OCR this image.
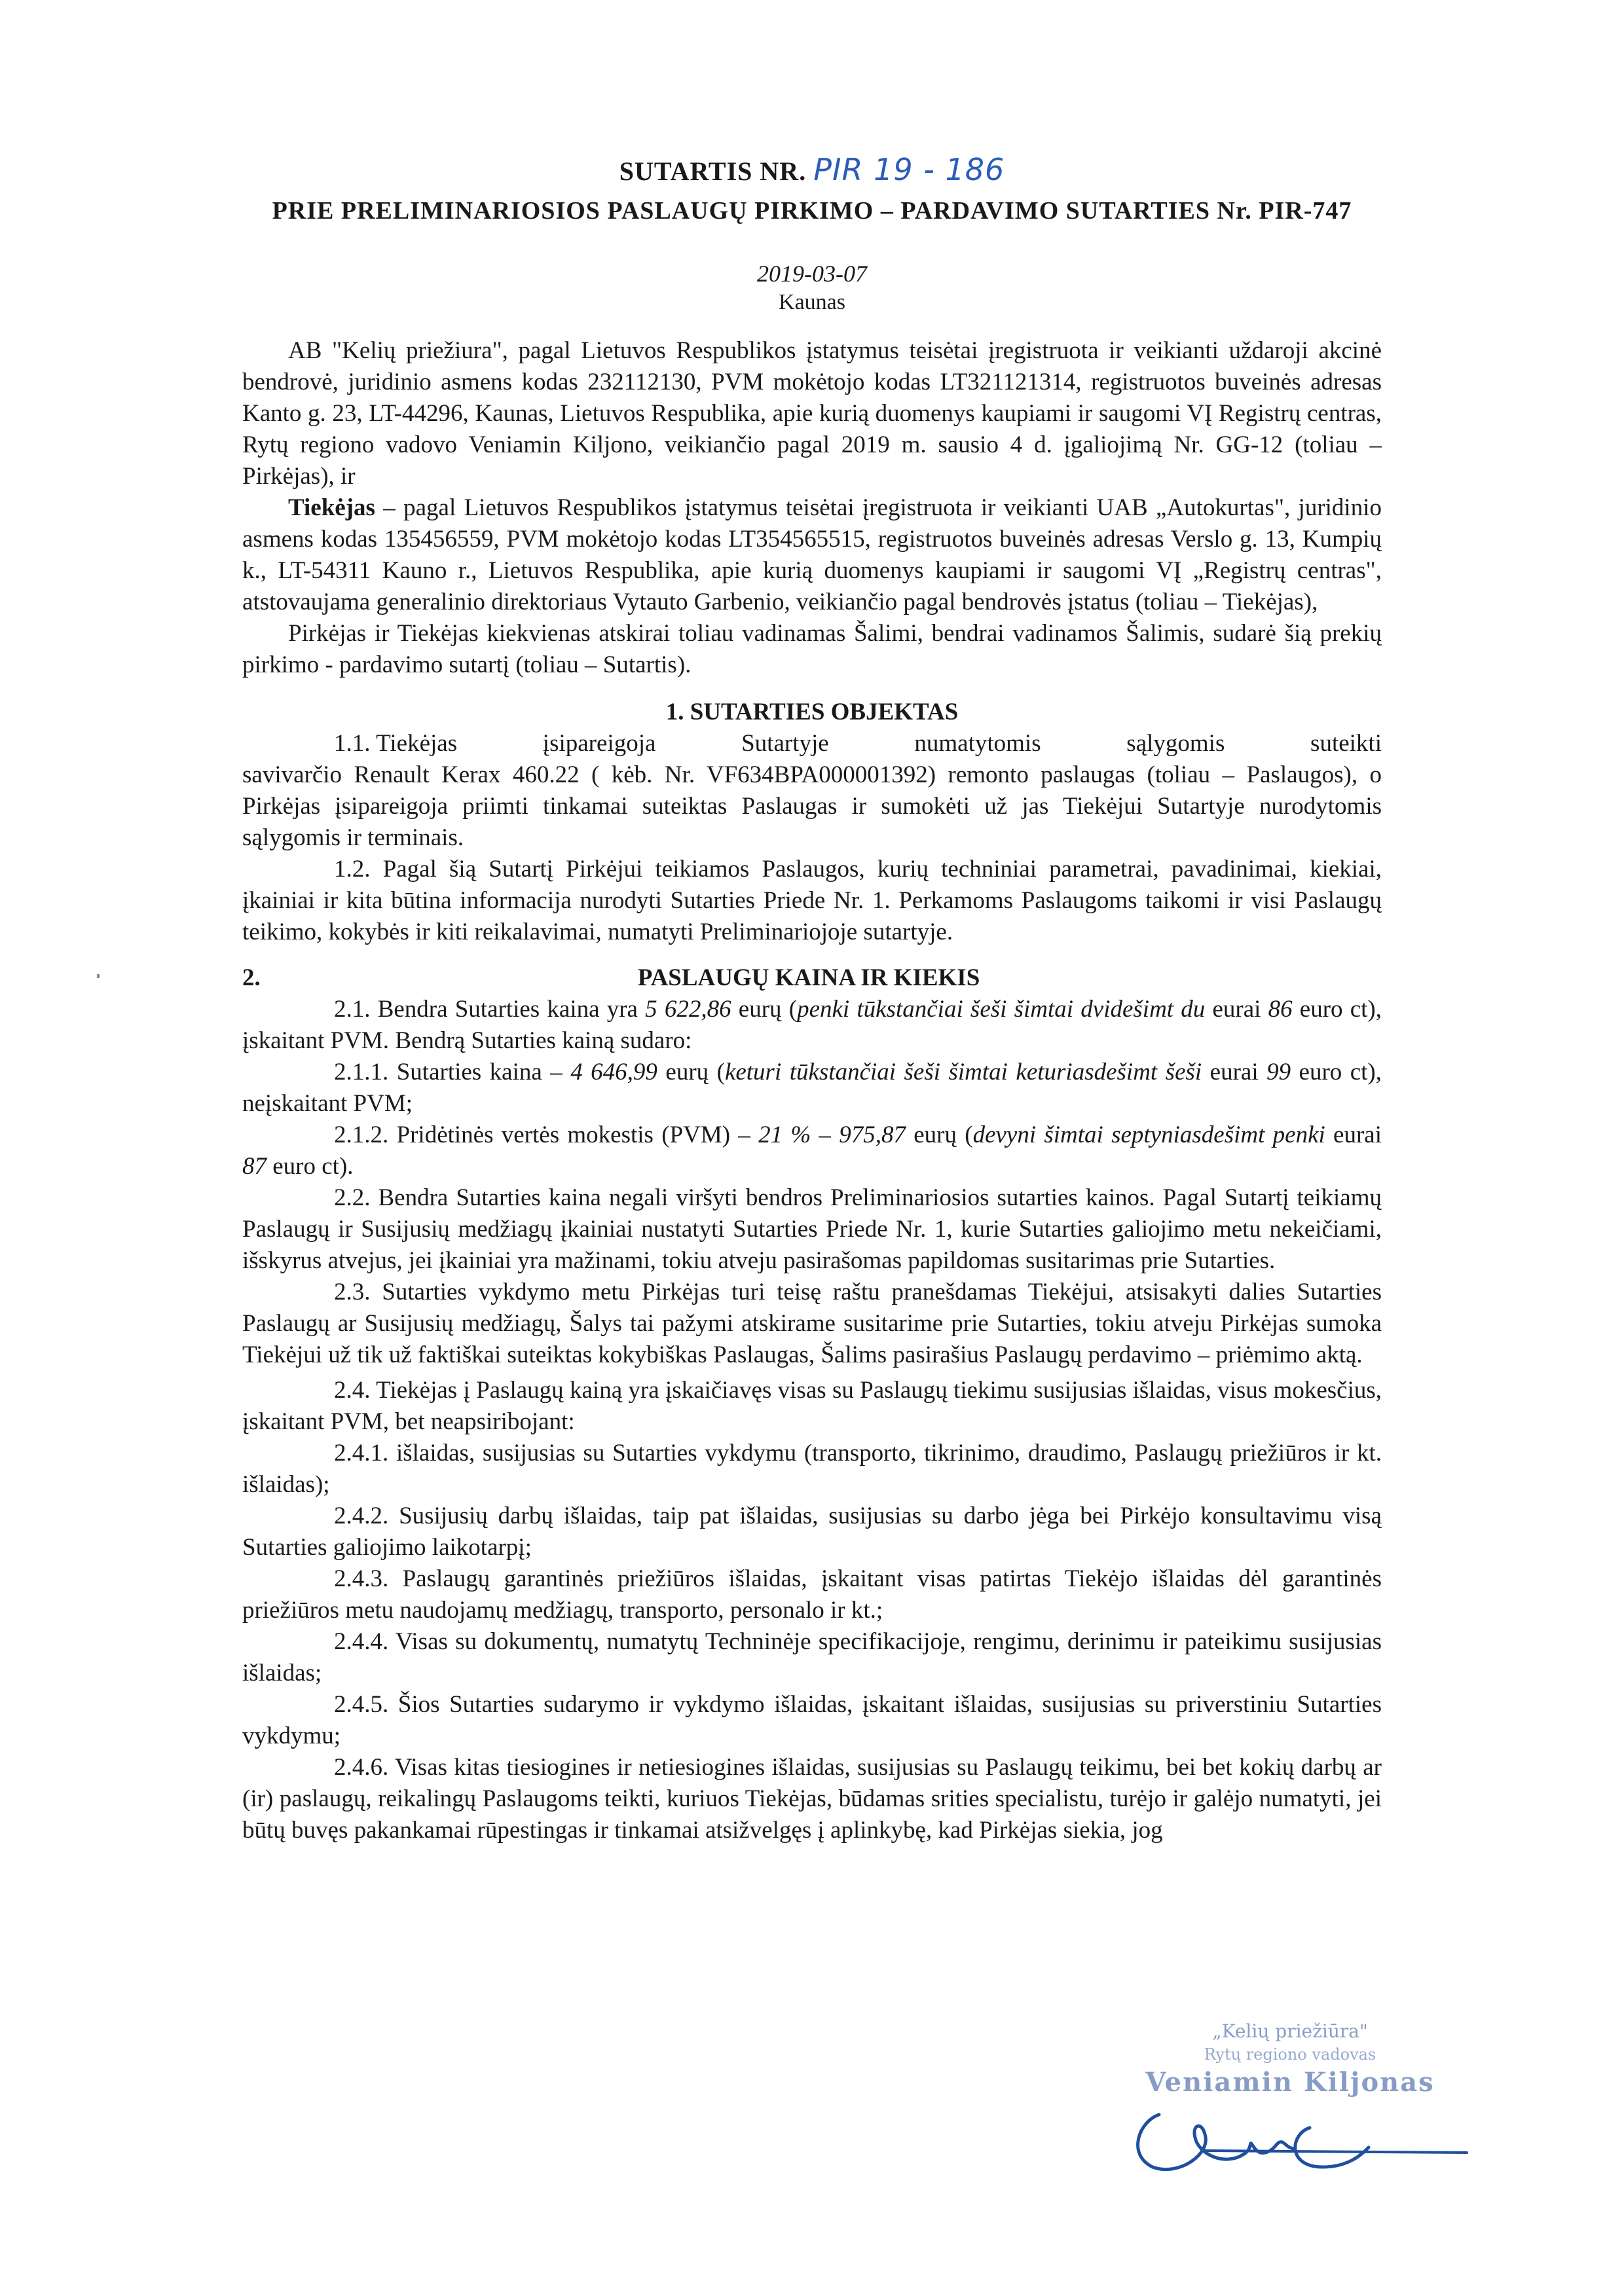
SUTARTIS NR. PIR 19 - 186

PRIE PRELIMINARIOSIOS PASLAUGŲ PIRKIMO – PARDAVIMO SUTARTIES Nr. PIR-747

2019-03-07

Kaunas

AB "Kelių priežiura", pagal Lietuvos Respublikos įstatymus teisėtai įregistruota ir veikianti uždaroji akcinė bendrovė, juridinio asmens kodas 232112130, PVM mokėtojo kodas LT321121314, registruotos buveinės adresas Kanto g. 23, LT-44296, Kaunas, Lietuvos Respublika, apie kurią duomenys kaupiami ir saugomi VĮ Registrų centras, Rytų regiono vadovo Veniamin Kiljono, veikiančio pagal 2019 m. sausio 4 d. įgaliojimą Nr. GG-12 (toliau – Pirkėjas), ir

Tiekėjas – pagal Lietuvos Respublikos įstatymus teisėtai įregistruota ir veikianti UAB „Autokurtas", juridinio asmens kodas 135456559, PVM mokėtojo kodas LT354565515, registruotos buveinės adresas Verslo g. 13, Kumpių k., LT-54311 Kauno r., Lietuvos Respublika, apie kurią duomenys kaupiami ir saugomi VĮ „Registrų centras", atstovaujama generalinio direktoriaus Vytauto Garbenio, veikiančio pagal bendrovės įstatus (toliau – Tiekėjas),

Pirkėjas ir Tiekėjas kiekvienas atskirai toliau vadinamas Šalimi, bendrai vadinamos Šalimis, sudarė šią prekių pirkimo - pardavimo sutartį (toliau – Sutartis).

1. SUTARTIES OBJEKTAS

1.1. Tiekėjas	įsipareigoja	Sutartyje	numatytomis	sąlygomis	suteikti

savivarčio Renault Kerax 460.22 ( kėb. Nr. VF634BPA000001392) remonto paslaugas (toliau – Paslaugos), o Pirkėjas įsipareigoja priimti tinkamai suteiktas Paslaugas ir sumokėti už jas Tiekėjui Sutartyje nurodytomis sąlygomis ir terminais.

1.2. Pagal šią Sutartį Pirkėjui teikiamos Paslaugos, kurių techniniai parametrai, pavadinimai, kiekiai, įkainiai ir kita būtina informacija nurodyti Sutarties Priede Nr. 1. Perkamoms Paslaugoms taikomi ir visi Paslaugų teikimo, kokybės ir kiti reikalavimai, numatyti Preliminariojoje sutartyje.

2.	PASLAUGŲ KAINA IR KIEKIS

2.1. Bendra Sutarties kaina yra 5 622,86 eurų (penki tūkstančiai šeši šimtai dvidešimt du eurai 86 euro ct), įskaitant PVM. Bendrą Sutarties kainą sudaro:

2.1.1. Sutarties kaina – 4 646,99 eurų (keturi tūkstančiai šeši šimtai keturiasdešimt šeši eurai 99 euro ct), neįskaitant PVM;

2.1.2. Pridėtinės vertės mokestis (PVM) – 21 % – 975,87 eurų (devyni šimtai septyniasdešimt penki eurai 87 euro ct).

2.2. Bendra Sutarties kaina negali viršyti bendros Preliminariosios sutarties kainos. Pagal Sutartį teikiamų Paslaugų ir Susijusių medžiagų įkainiai nustatyti Sutarties Priede Nr. 1, kurie Sutarties galiojimo metu nekeičiami, išskyrus atvejus, jei įkainiai yra mažinami, tokiu atveju pasirašomas papildomas susitarimas prie Sutarties.

2.3. Sutarties vykdymo metu Pirkėjas turi teisę raštu pranešdamas Tiekėjui, atsisakyti dalies Sutarties Paslaugų ar Susijusių medžiagų, Šalys tai pažymi atskirame susitarime prie Sutarties, tokiu atveju Pirkėjas sumoka Tiekėjui už tik už faktiškai suteiktas kokybiškas Paslaugas, Šalims pasirašius Paslaugų perdavimo – priėmimo aktą.

2.4. Tiekėjas į Paslaugų kainą yra įskaičiavęs visas su Paslaugų tiekimu susijusias išlaidas, visus mokesčius, įskaitant PVM, bet neapsiribojant:

2.4.1. išlaidas, susijusias su Sutarties vykdymu (transporto, tikrinimo, draudimo, Paslaugų priežiūros ir kt. išlaidas);

2.4.2. Susijusių darbų išlaidas, taip pat išlaidas, susijusias su darbo jėga bei Pirkėjo konsultavimu visą Sutarties galiojimo laikotarpį;

2.4.3. Paslaugų garantinės priežiūros išlaidas, įskaitant visas patirtas Tiekėjo išlaidas dėl garantinės priežiūros metu naudojamų medžiagų, transporto, personalo ir kt.;

2.4.4. Visas su dokumentų, numatytų Techninėje specifikacijoje, rengimu, derinimu ir pateikimu susijusias išlaidas;

2.4.5. Šios Sutarties sudarymo ir vykdymo išlaidas, įskaitant išlaidas, susijusias su priverstiniu Sutarties vykdymu;

2.4.6. Visas kitas tiesiogines ir netiesiogines išlaidas, susijusias su Paslaugų teikimu, bei bet kokių darbų ar (ir) paslaugų, reikalingų Paslaugoms teikti, kuriuos Tiekėjas, būdamas srities specialistu, turėjo ir galėjo numatyti, jei būtų buvęs pakankamai rūpestingas ir tinkamai atsižvelgęs į aplinkybę, kad Pirkėjas siekia, jog

„Kelių priežiūra"
Rytų regiono vadovas
Veniamin Kiljonas
